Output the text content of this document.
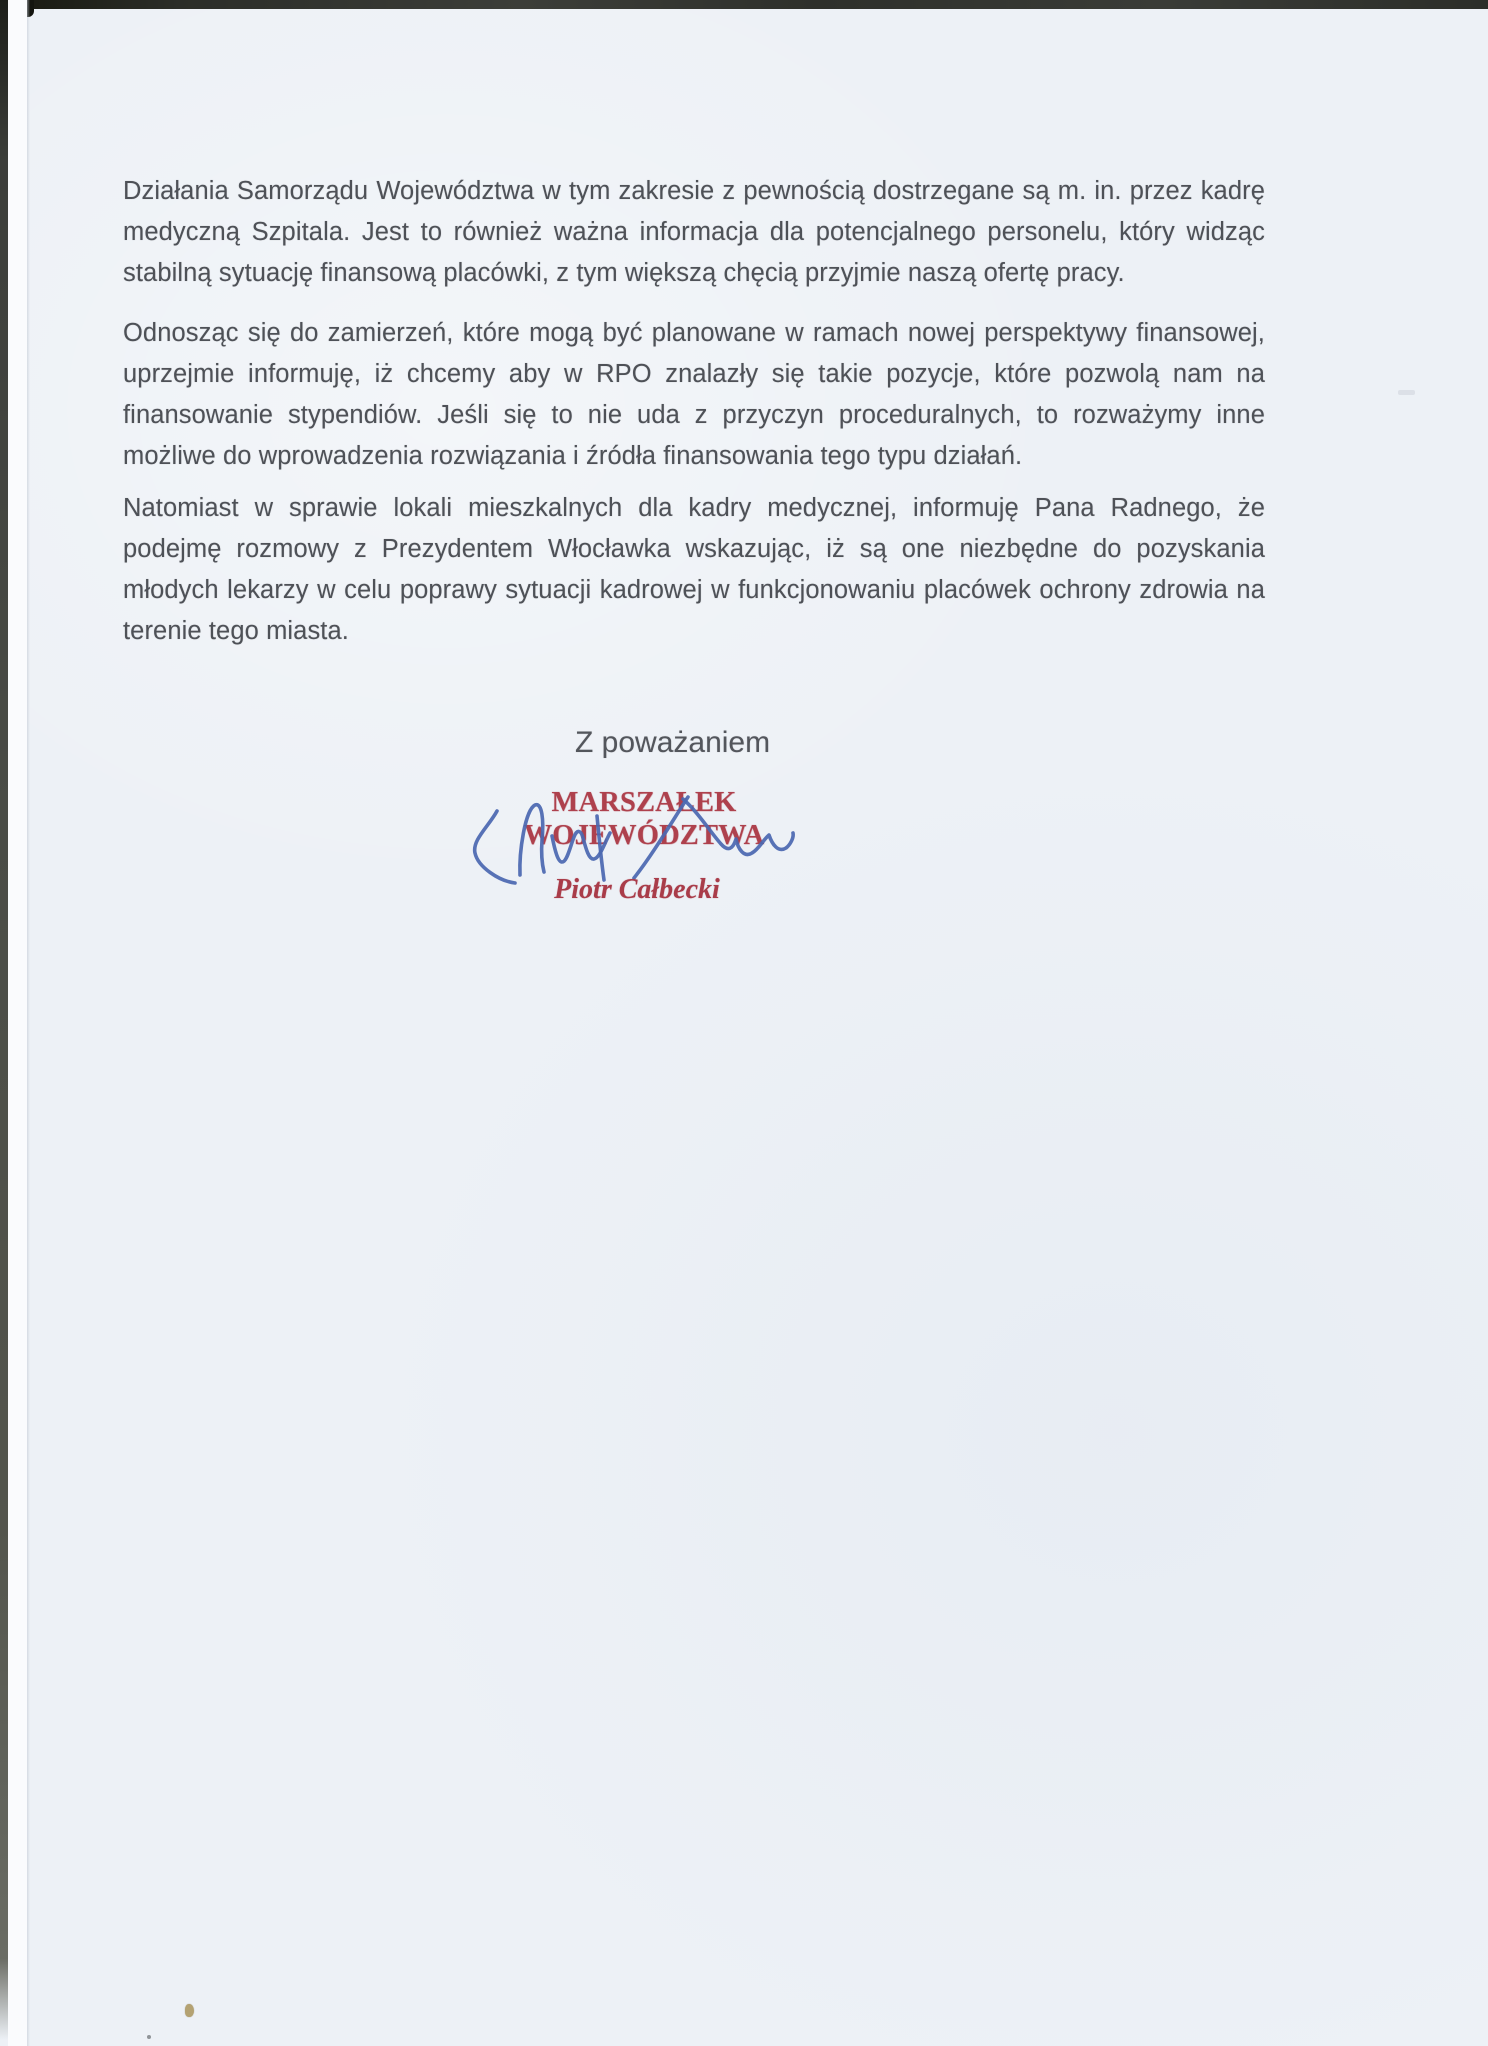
Działania Samorządu Województwa w tym zakresie z pewnością dostrzegane są m. in. przez kadrę medyczną Szpitala. Jest to również ważna informacja dla potencjalnego personelu, który widząc stabilną sytuację finansową placówki, z tym większą chęcią przyjmie naszą ofertę pracy.

Odnosząc się do zamierzeń, które mogą być planowane w ramach nowej perspektywy finansowej, uprzejmie informuję, iż chcemy aby w RPO znalazły się takie pozycje, które pozwolą nam na finansowanie stypendiów. Jeśli się to nie uda z przyczyn proceduralnych, to rozważymy inne możliwe do wprowadzenia rozwiązania i źródła finansowania tego typu działań.

Natomiast w sprawie lokali mieszkalnych dla kadry medycznej, informuję Pana Radnego, że podejmę rozmowy z Prezydentem Włocławka wskazując, iż są one niezbędne do pozyskania młodych lekarzy w celu poprawy sytuacji kadrowej w funkcjonowaniu placówek ochrony zdrowia na terenie tego miasta.

Z poważaniem
MARSZAŁEK WOJEWÓDZTWA
Piotr Całbecki
